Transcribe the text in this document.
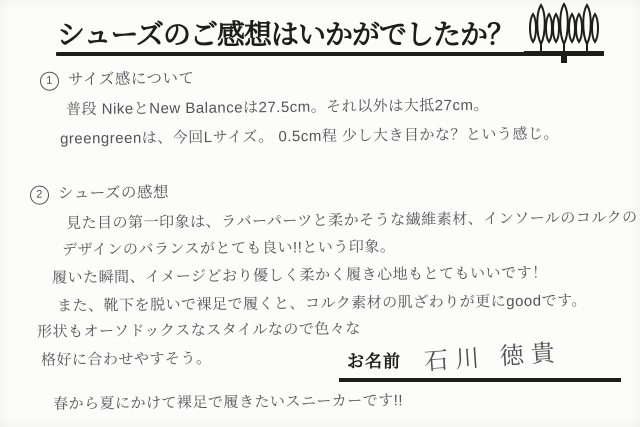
シューズのご感想はいかがでしたか？
1 サイズ感について
普段 NikeとNew Balanceは27.5cm。それ以外は大抵27cm。
greengreenは、今回Lサイズ。 0.5cm程 少し大き目かな？という感じ。
2 シューズの感想
見た目の第一印象は、ラバーパーツと柔かそうな繊維素材、インソールのコルクの
デザインのバランスがとても良い!!という印象。
履いた瞬間、イメージどおり優しく柔かく履き心地もとてもいいです！
また、靴下を脱いで裸足で履くと、コルク素材の肌ざわりが更にgoodです。
形状もオーソドックスなスタイルなので色々な
格好に合わせやすそう。
春から夏にかけて裸足で履きたいスニーカーです!!
お名前 石川 徳貴
